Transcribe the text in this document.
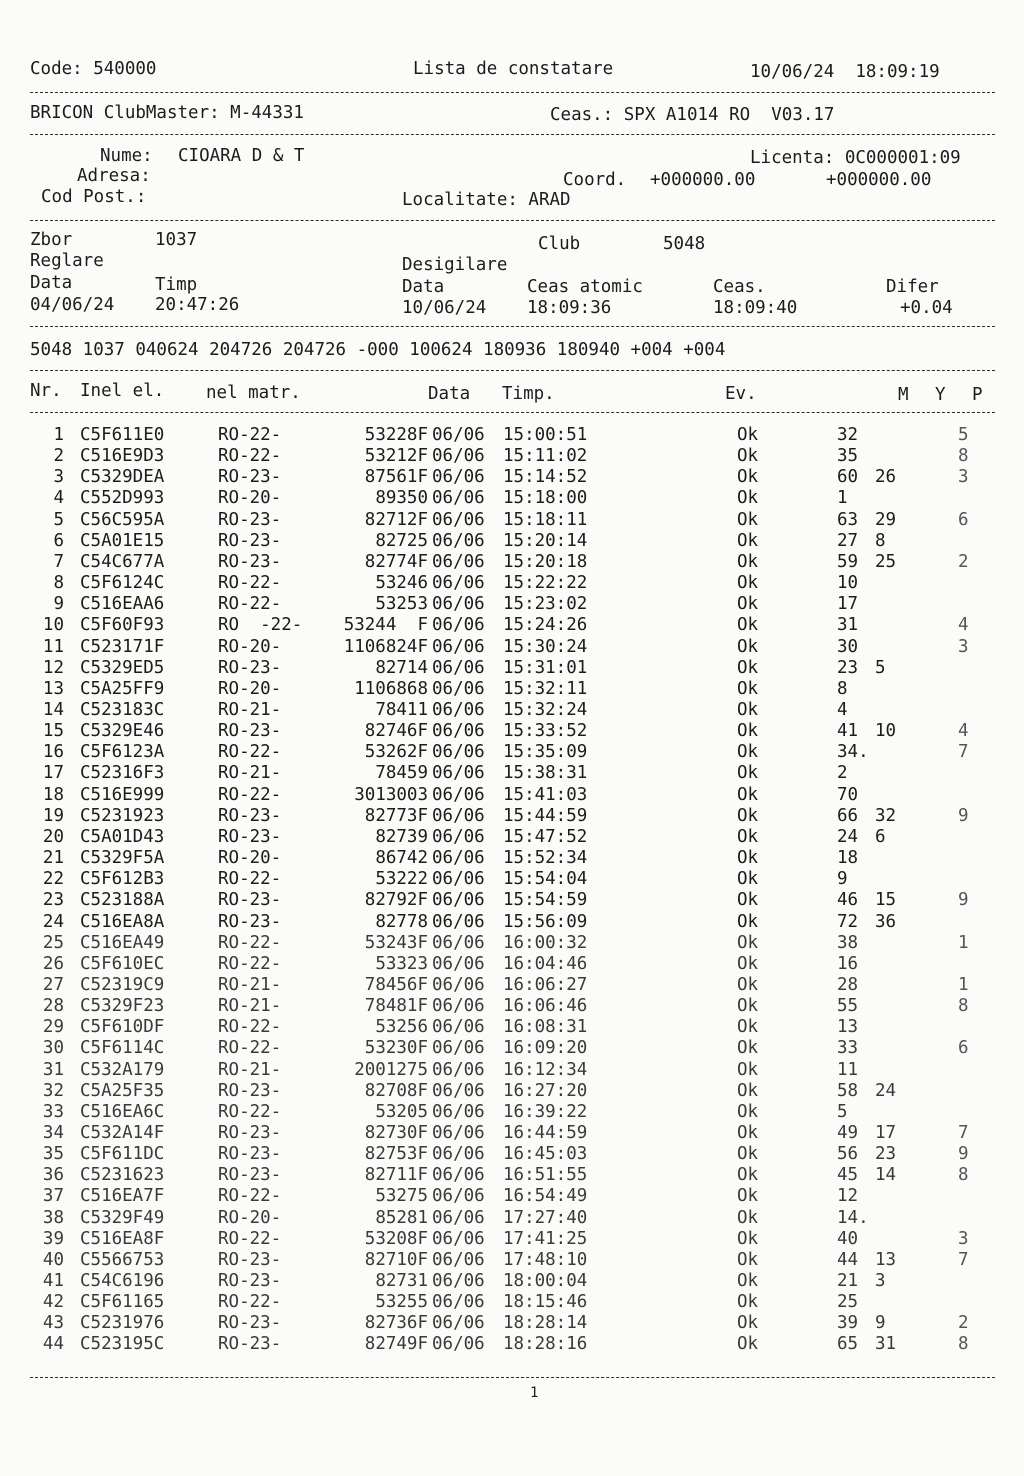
Code: 540000	Lista de constatare	10/06/24  18:09:19
BRICON ClubMaster: M-44331	Ceas.: SPX A1014 RO  V03.17
Nume: CIOARA D & T	Licenta: 0C000001:09
Adresa:	Coord. +000000.00	+000000.00
Cod Post.:	Localitate: ARAD
Zbor	1037	Club	5048
Reglare	Desigilare
Data	Timp	Data	Ceas atomic	Ceas.	Difer
04/06/24 20:47:26	10/06/24 18:09:36	18:09:40	+0.04
5048 1037 040624 204726 204726 -000 100624 180936 180940 +004 +004
Nr. Inel el. nel matr.	Data Timp.	Ev.	M Y P
1 C5F611E0	RO-22-	53228F 06/06 15:00:51	Ok	32	5
2 C516E9D3	RO-22-	53212F 06/06 15:11:02	Ok	35	8
3 C5329DEA	RO-23-	87561F 06/06 15:14:52	Ok	60 26	3
4 C552D993	RO-20-	89350 06/06 15:18:00	Ok	1
5 C56C595A	RO-23-	82712F 06/06 15:18:11	Ok	63 29	6
6 C5A01E15	RO-23-	82725 06/06 15:20:14	Ok	27 8
7 C54C677A	RO-23-	82774F 06/06 15:20:18	Ok	59 25	2
8 C5F6124C	RO-22-	53246 06/06 15:22:22	Ok	10
9 C516EAA6	RO-22-	53253 06/06 15:23:02	Ok	17
10 C5F60F93	RO  -22-	53244  F 06/06 15:24:26	Ok	31	4
11 C523171F	RO-20-	1106824F 06/06 15:30:24	Ok	30	3
12 C5329ED5	RO-23-	82714 06/06 15:31:01	Ok	23 5
13 C5A25FF9	RO-20-	1106868 06/06 15:32:11	Ok	8
14 C523183C	RO-21-	78411 06/06 15:32:24	Ok	4
15 C5329E46	RO-23-	82746F 06/06 15:33:52	Ok	41 10	4
16 C5F6123A	RO-22-	53262F 06/06 15:35:09	Ok	34.	7
17 C52316F3	RO-21-	78459 06/06 15:38:31	Ok	2
18 C516E999	RO-22-	3013003 06/06 15:41:03	Ok	70
19 C5231923	RO-23-	82773F 06/06 15:44:59	Ok	66 32	9
20 C5A01D43	RO-23-	82739 06/06 15:47:52	Ok	24 6
21 C5329F5A	RO-20-	86742 06/06 15:52:34	Ok	18
22 C5F612B3	RO-22-	53222 06/06 15:54:04	Ok	9
23 C523188A	RO-23-	82792F 06/06 15:54:59	Ok	46 15	9
24 C516EA8A	RO-23-	82778 06/06 15:56:09	Ok	72 36
25 C516EA49	RO-22-	53243F 06/06 16:00:32	Ok	38	1
26 C5F610EC	RO-22-	53323 06/06 16:04:46	Ok	16
27 C52319C9	RO-21-	78456F 06/06 16:06:27	Ok	28	1
28 C5329F23	RO-21-	78481F 06/06 16:06:46	Ok	55	8
29 C5F610DF	RO-22-	53256 06/06 16:08:31	Ok	13
30 C5F6114C	RO-22-	53230F 06/06 16:09:20	Ok	33	6
31 C532A179	RO-21-	2001275 06/06 16:12:34	Ok	11
32 C5A25F35	RO-23-	82708F 06/06 16:27:20	Ok	58 24
33 C516EA6C	RO-22-	53205 06/06 16:39:22	Ok	5
34 C532A14F	RO-23-	82730F 06/06 16:44:59	Ok	49 17	7
35 C5F611DC	RO-23-	82753F 06/06 16:45:03	Ok	56 23	9
36 C5231623	RO-23-	82711F 06/06 16:51:55	Ok	45 14	8
37 C516EA7F	RO-22-	53275 06/06 16:54:49	Ok	12
38 C5329F49	RO-20-	85281 06/06 17:27:40	Ok	14.
39 C516EA8F	RO-22-	53208F 06/06 17:41:25	Ok	40	3
40 C5566753	RO-23-	82710F 06/06 17:48:10	Ok	44 13	7
41 C54C6196	RO-23-	82731 06/06 18:00:04	Ok	21 3
42 C5F61165	RO-22-	53255 06/06 18:15:46	Ok	25
43 C5231976	RO-23-	82736F 06/06 18:28:14	Ok	39 9	2
44 C523195C	RO-23-	82749F 06/06 18:28:16	Ok	65 31	8
1
